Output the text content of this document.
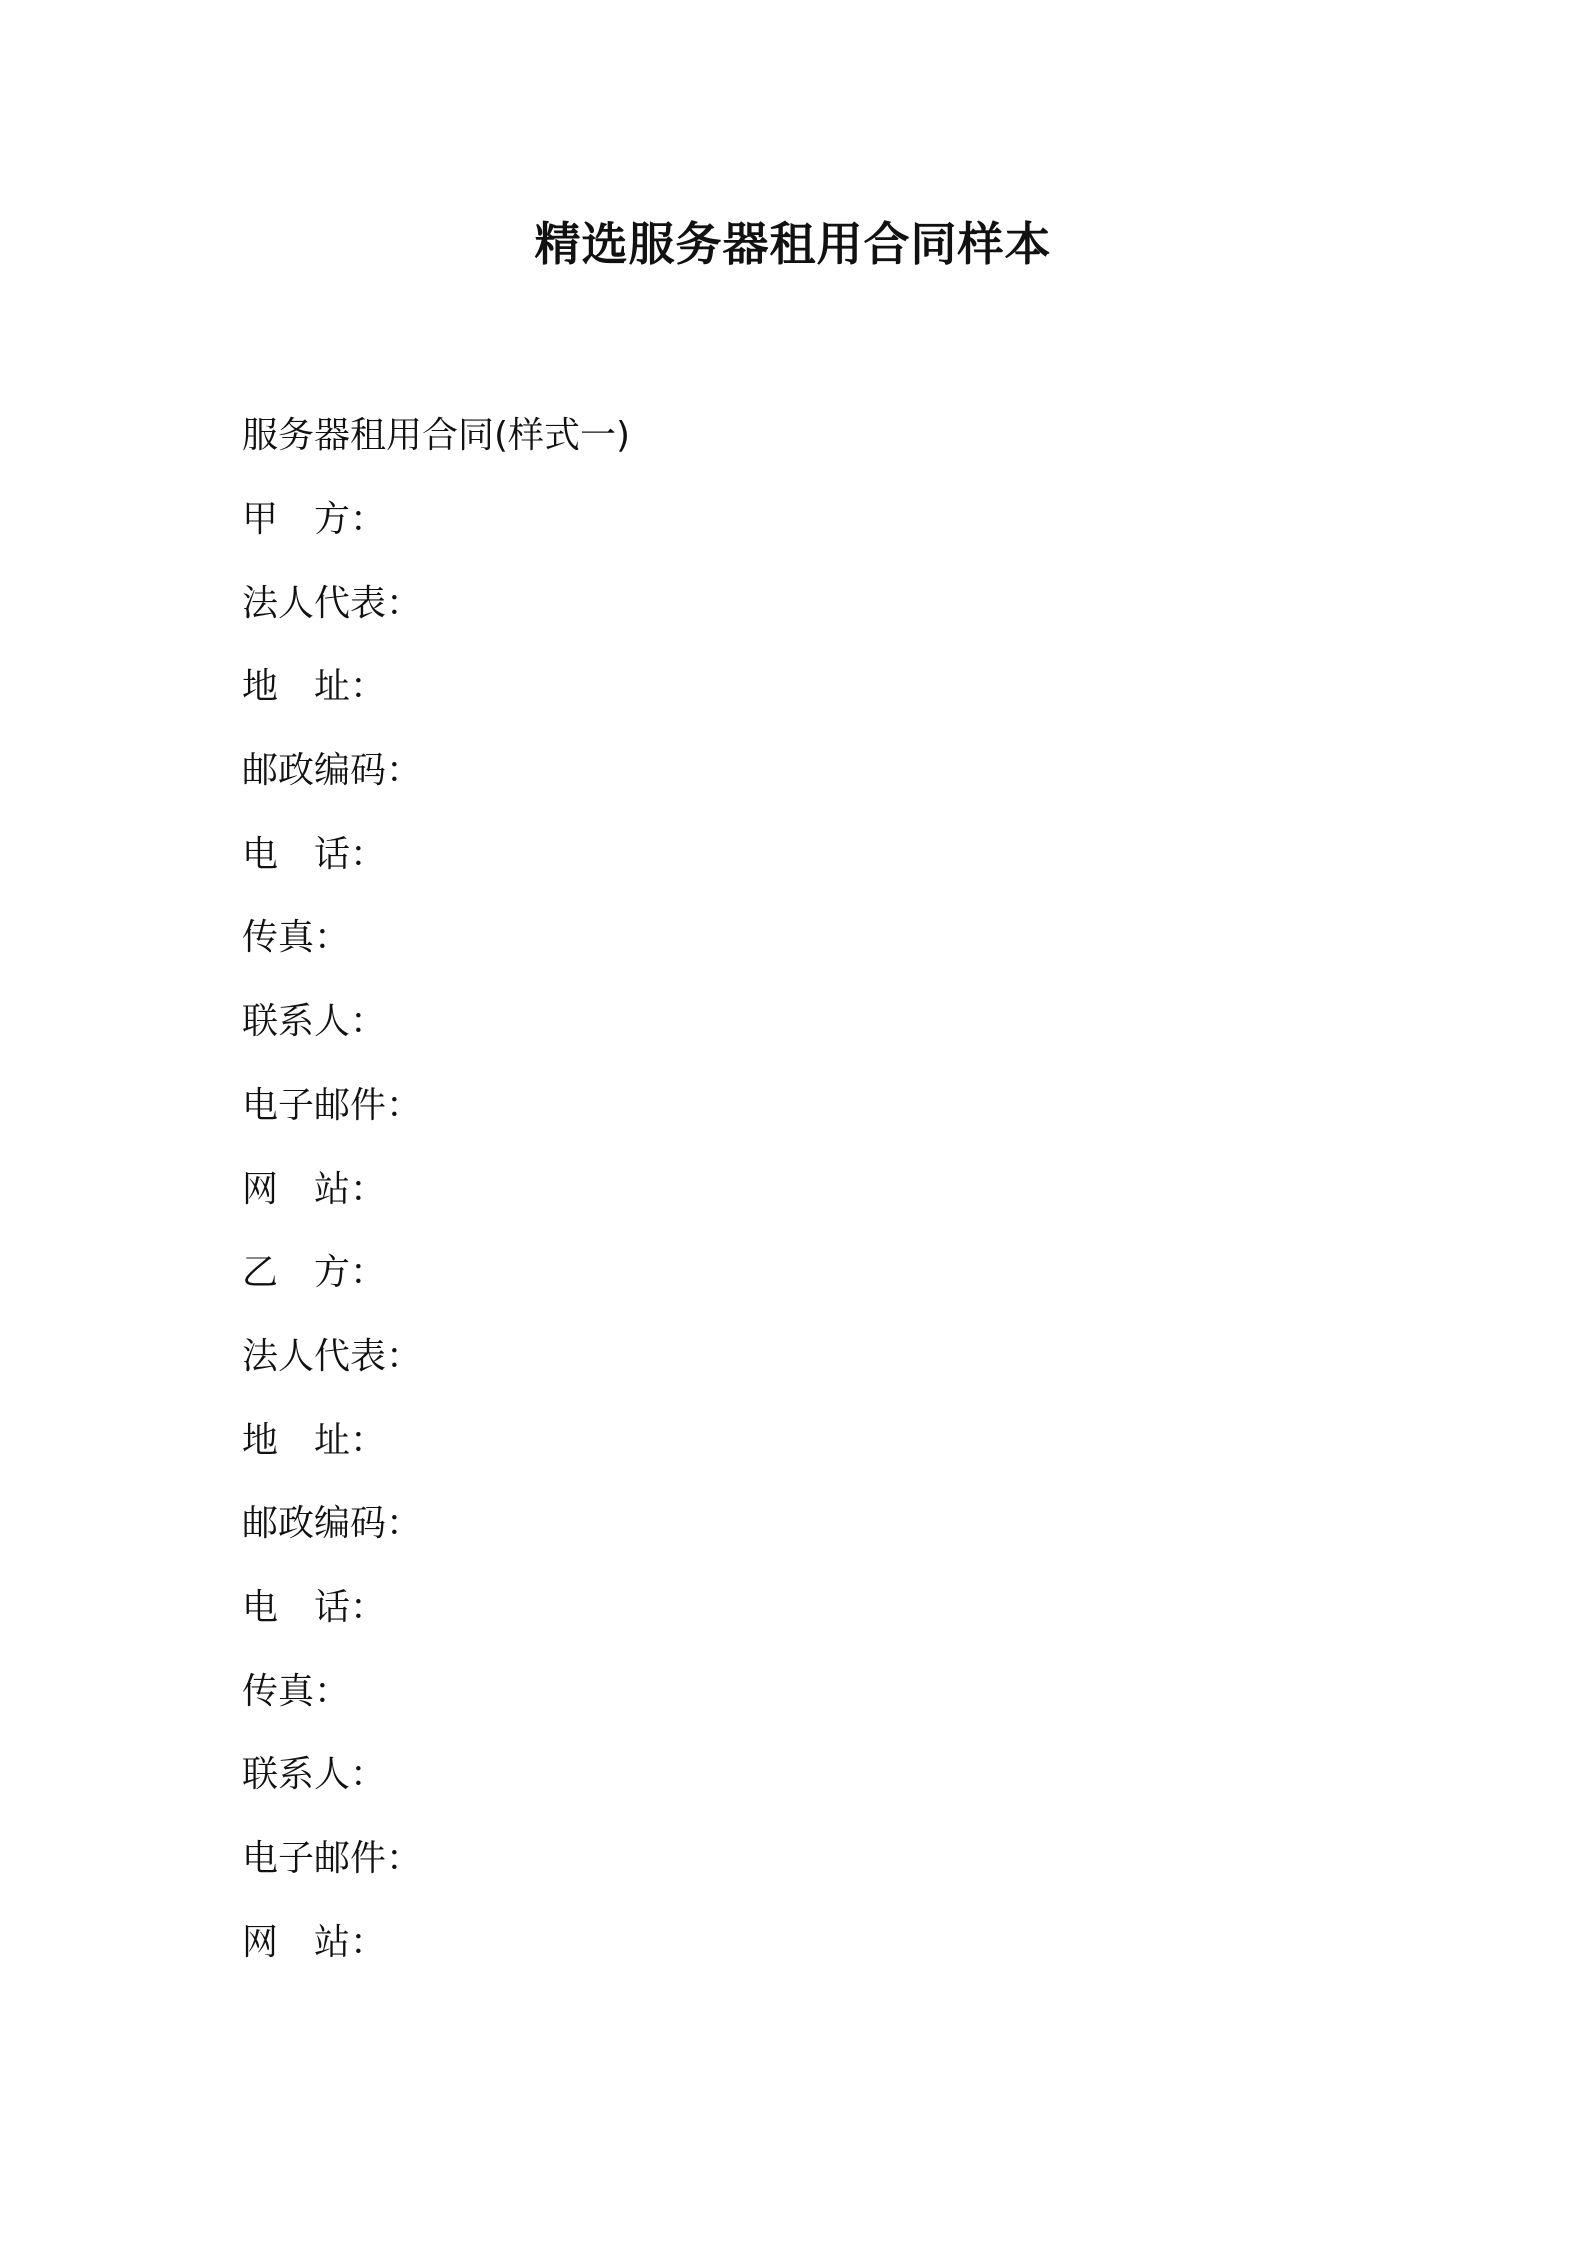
精选服务器租用合同样本
服务器租用合同(样式一)
甲　方：
法人代表：
地　址：
邮政编码：
电　话：
传真：
联系人：
电子邮件：
网　站：
乙　方：
法人代表：
地　址：
邮政编码：
电　话：
传真：
联系人：
电子邮件：
网　站：
